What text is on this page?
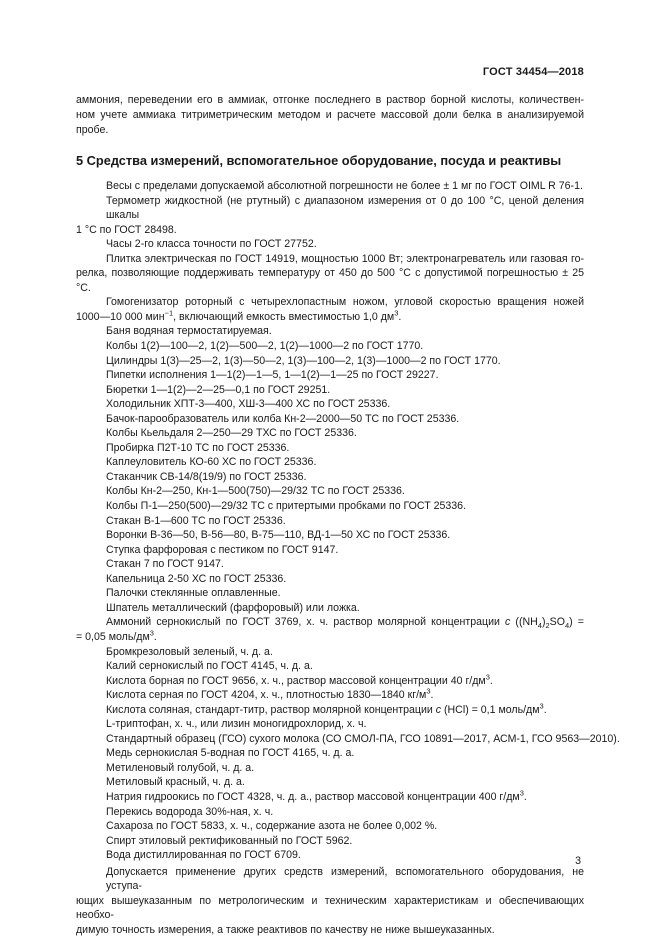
ГОСТ 34454—2018
аммония, переведении его в аммиак, отгонке последнего в раствор борной кислоты, количествен-
ном учете аммиака титриметрическим методом и расчете массовой доли белка в анализируемой
пробе.
5 Средства измерений, вспомогательное оборудование, посуда и реактивы
Весы с пределами допускаемой абсолютной погрешности не более ± 1 мг по ГОСТ OIML R 76-1.
Термометр жидкостной (не ртутный) с диапазоном измерения от 0 до 100 °С, ценой деления шкалы
1 °С по ГОСТ 28498.
Часы 2-го класса точности по ГОСТ 27752.
Плитка электрическая по ГОСТ 14919, мощностью 1000 Вт; электронагреватель или газовая го-
релка, позволяющие поддерживать температуру от 450 до 500 °С с допустимой погрешностью ± 25 °С.
Гомогенизатор роторный с четырехлопастным ножом, угловой скоростью вращения ножей
1000—10 000 мин$^{-1}$, включающий емкость вместимостью 1,0 $дм^3$.
Баня водяная термостатируемая.
Колбы 1(2)—100—2, 1(2)—500—2, 1(2)—1000—2 по ГОСТ 1770.
Цилиндры 1(3)—25—2, 1(3)—50—2, 1(3)—100—2, 1(3)—1000—2 по ГОСТ 1770.
Пипетки исполнения 1—1(2)—1—5, 1—1(2)—1—25 по ГОСТ 29227.
Бюретки 1—1(2)—2—25—0,1 по ГОСТ 29251.
Холодильник ХПТ-3—400, ХШ-3—400 ХС по ГОСТ 25336.
Бачок-парообразователь или колба Кн-2—2000—50 ТС по ГОСТ 25336.
Колбы Кьельдаля 2—250—29 ТХС по ГОСТ 25336.
Пробирка П2Т-10 ТС по ГОСТ 25336.
Каплеуловитель КО-60 ХС по ГОСТ 25336.
Стаканчик СВ-14/8(19/9) по ГОСТ 25336.
Колбы Кн-2—250, Кн-1—500(750)—29/32 ТС по ГОСТ 25336.
Колбы П-1—250(500)—29/32 ТС с притертыми пробками по ГОСТ 25336.
Стакан В-1—600 ТС по ГОСТ 25336.
Воронки В-36—50, В-56—80, В-75—110, ВД-1—50 ХС по ГОСТ 25336.
Ступка фарфоровая с пестиком по ГОСТ 9147.
Стакан 7 по ГОСТ 9147.
Капельница 2-50 ХС по ГОСТ 25336.
Палочки стеклянные оплавленные.
Шпатель металлический (фарфоровый) или ложка.
Аммоний сернокислый по ГОСТ 3769, х. ч. раствор молярной концентрации c $((NH_4)_2SO_4)$ =
= 0,05 моль/$дм^3$.
Бромкрезоловый зеленый, ч. д. а.
Калий сернокислый по ГОСТ 4145, ч. д. а.
Кислота борная по ГОСТ 9656, х. ч., раствор массовой концентрации 40 $г/дм^3$.
Кислота серная по ГОСТ 4204, х. ч., плотностью 1830—1840 $кг/м^3$.
Кислота соляная, стандарт-титр, раствор молярной концентрации c (HCl) = 0,1 моль/$дм^3$.
L-триптофан, х. ч., или лизин моногидрохлорид, х. ч.
Стандартный образец (ГСО) сухого молока (СО СМОЛ-ПА, ГСО 10891—2017, АСМ-1, ГСО 9563—2010).
Медь сернокислая 5-водная по ГОСТ 4165, ч. д. а.
Метиленовый голубой, ч. д. а.
Метиловый красный, ч. д. а.
Натрия гидроокись по ГОСТ 4328, ч. д. а., раствор массовой концентрации 400 $г/дм^3$.
Перекись водорода 30%-ная, х. ч.
Сахароза по ГОСТ 5833, х. ч., содержание азота не более 0,002 %.
Спирт этиловый ректификованный по ГОСТ 5962.
Вода дистиллированная по ГОСТ 6709.
Допускается применение других средств измерений, вспомогательного оборудования, не уступа-
ющих вышеуказанным по метрологическим и техническим характеристикам и обеспечивающих необхо-
димую точность измерения, а также реактивов по качеству не ниже вышеуказанных.
3
